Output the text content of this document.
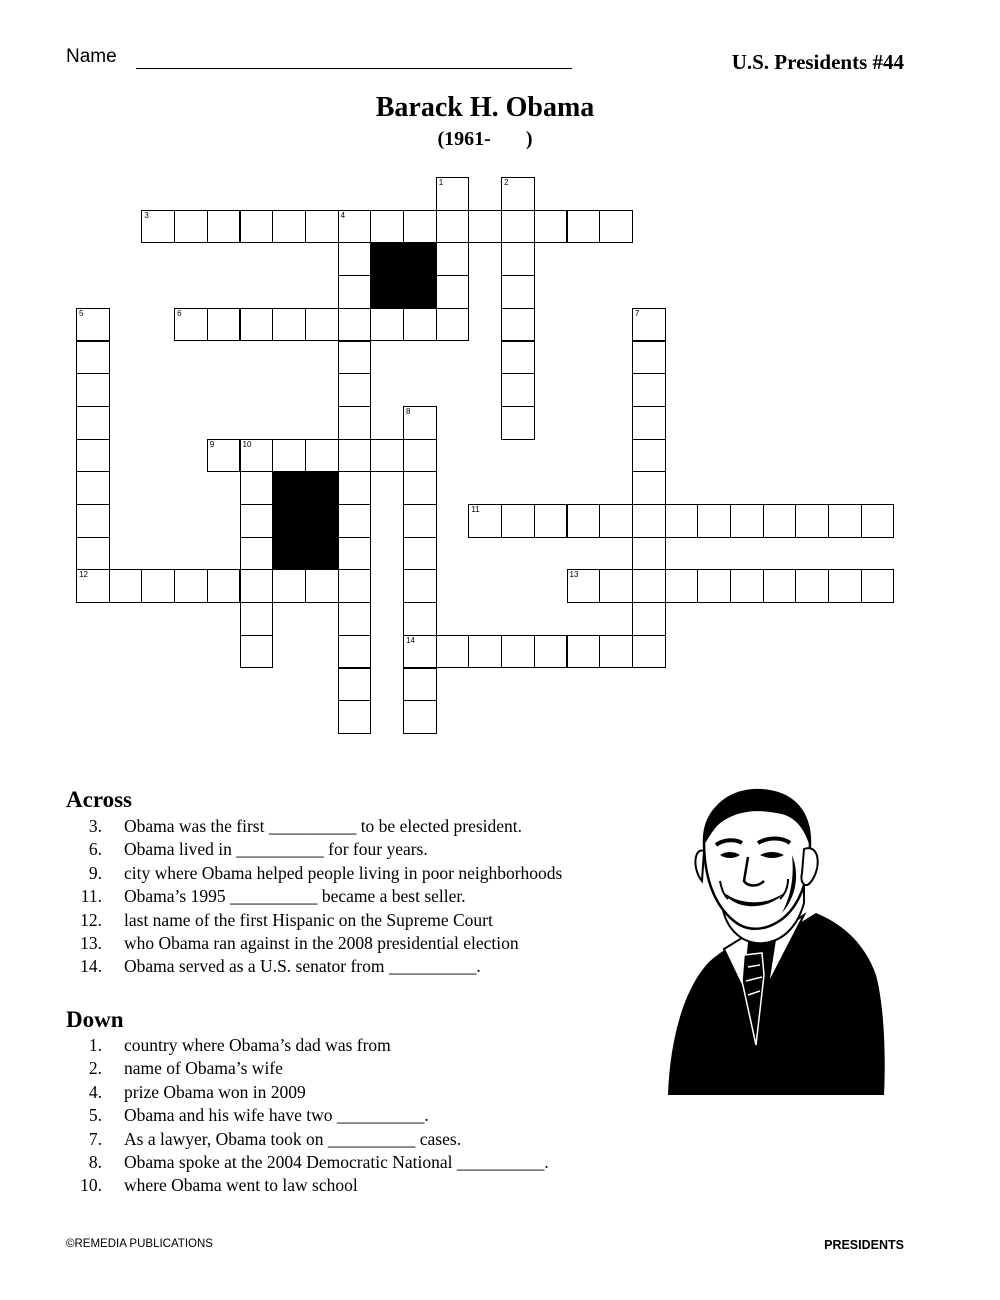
Name	U.S. Presidents #44
Barack H. Obama
(1961-       )
1	2
3	4
5
12
6	7
8
14
9	10
11
13
Across
3. Obama was the first __________ to be elected president.
6. Obama lived in __________ for four years.
9. city where Obama helped people living in poor neighborhoods
11. Obama’s 1995 __________ became a best seller.
12. last name of the first Hispanic on the Supreme Court
13. who Obama ran against in the 2008 presidential election
14. Obama served as a U.S. senator from __________.
Down
1. country where Obama’s dad was from
2. name of Obama’s wife
4. prize Obama won in 2009
5. Obama and his wife have two __________.
7. As a lawyer, Obama took on __________ cases.
8. Obama spoke at the 2004 Democratic National __________.
10. where Obama went to law school
©REMEDIA PUBLICATIONS	PRESIDENTS
